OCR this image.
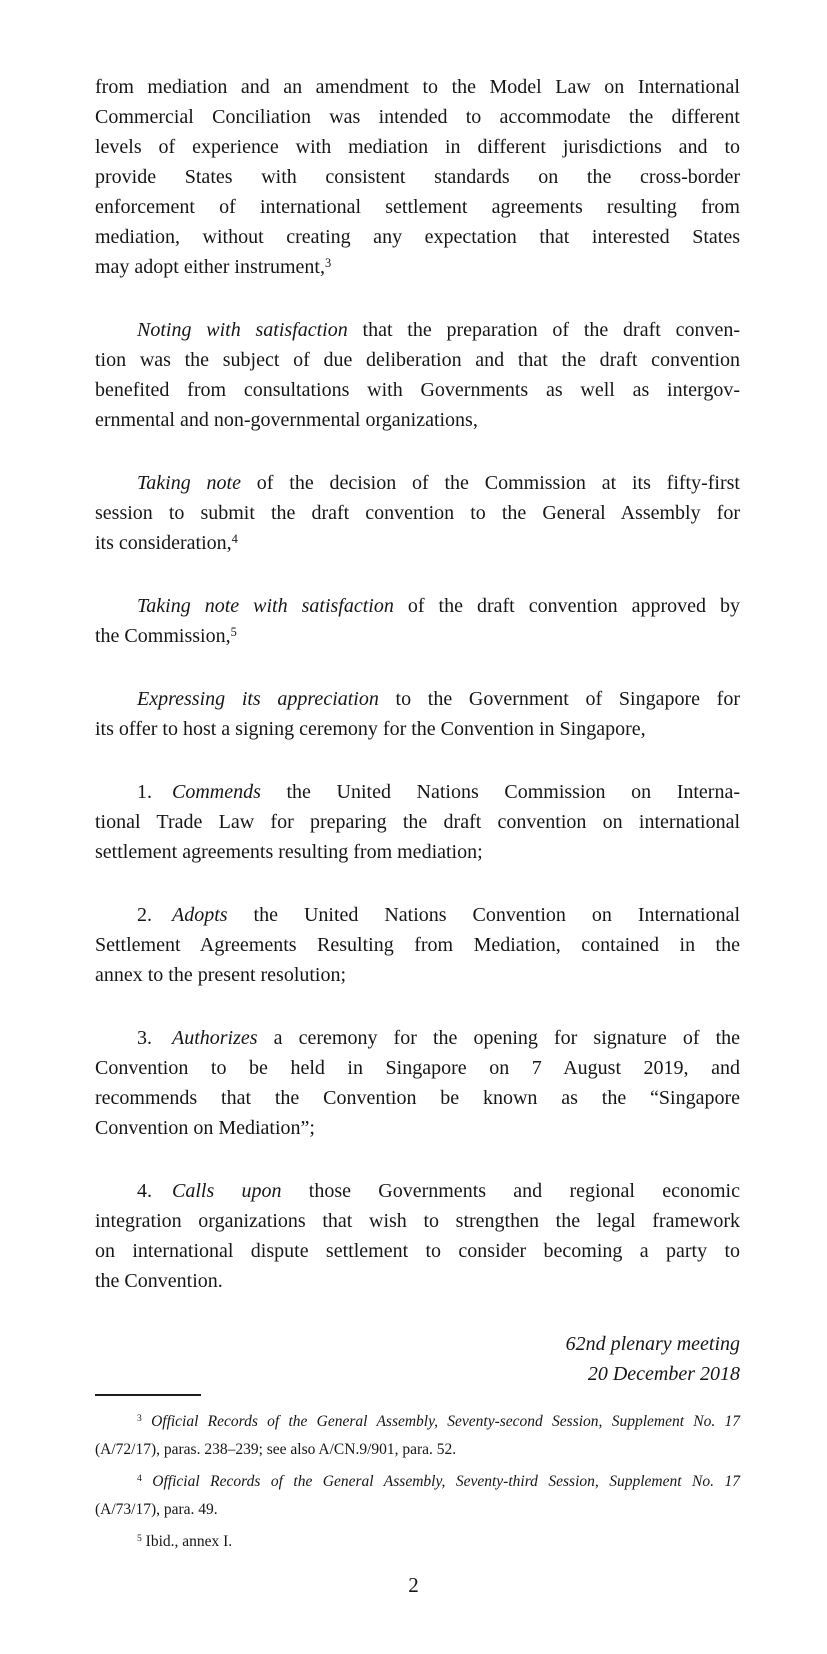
from mediation and an amendment to the Model Law on International
Commercial Conciliation was intended to accommodate the different
levels of experience with mediation in different jurisdictions and to
provide States with consistent standards on the cross-border
enforcement of international settlement agreements resulting from
mediation, without creating any expectation that interested States
may adopt either instrument,$^3$
Noting with satisfaction that the preparation of the draft conven-
tion was the subject of due deliberation and that the draft convention
benefited from consultations with Governments as well as intergov-
ernmental and non-governmental organizations,
Taking note of the decision of the Commission at its fifty-first
session to submit the draft convention to the General Assembly for
its consideration,$^4$
Taking note with satisfaction of the draft convention approved by
the Commission,$^5$
Expressing its appreciation to the Government of Singapore for
its offer to host a signing ceremony for the Convention in Singapore,
1. Commends the United Nations Commission on Interna-
tional Trade Law for preparing the draft convention on international
settlement agreements resulting from mediation;
2. Adopts the United Nations Convention on International
Settlement Agreements Resulting from Mediation, contained in the
annex to the present resolution;
3. Authorizes a ceremony for the opening for signature of the
Convention to be held in Singapore on 7 August 2019, and
recommends that the Convention be known as the “Singapore
Convention on Mediation”;
4. Calls upon those Governments and regional economic
integration organizations that wish to strengthen the legal framework
on international dispute settlement to consider becoming a party to
the Convention.
62nd plenary meeting
20 December 2018
$^3$ Official Records of the General Assembly, Seventy-second Session, Supplement No. 17
(A/72/17), paras. 238–239; see also A/CN.9/901, para. 52.
$^4$ Official Records of the General Assembly, Seventy-third Session, Supplement No. 17
(A/73/17), para. 49.
$^5$ Ibid., annex I.
2
